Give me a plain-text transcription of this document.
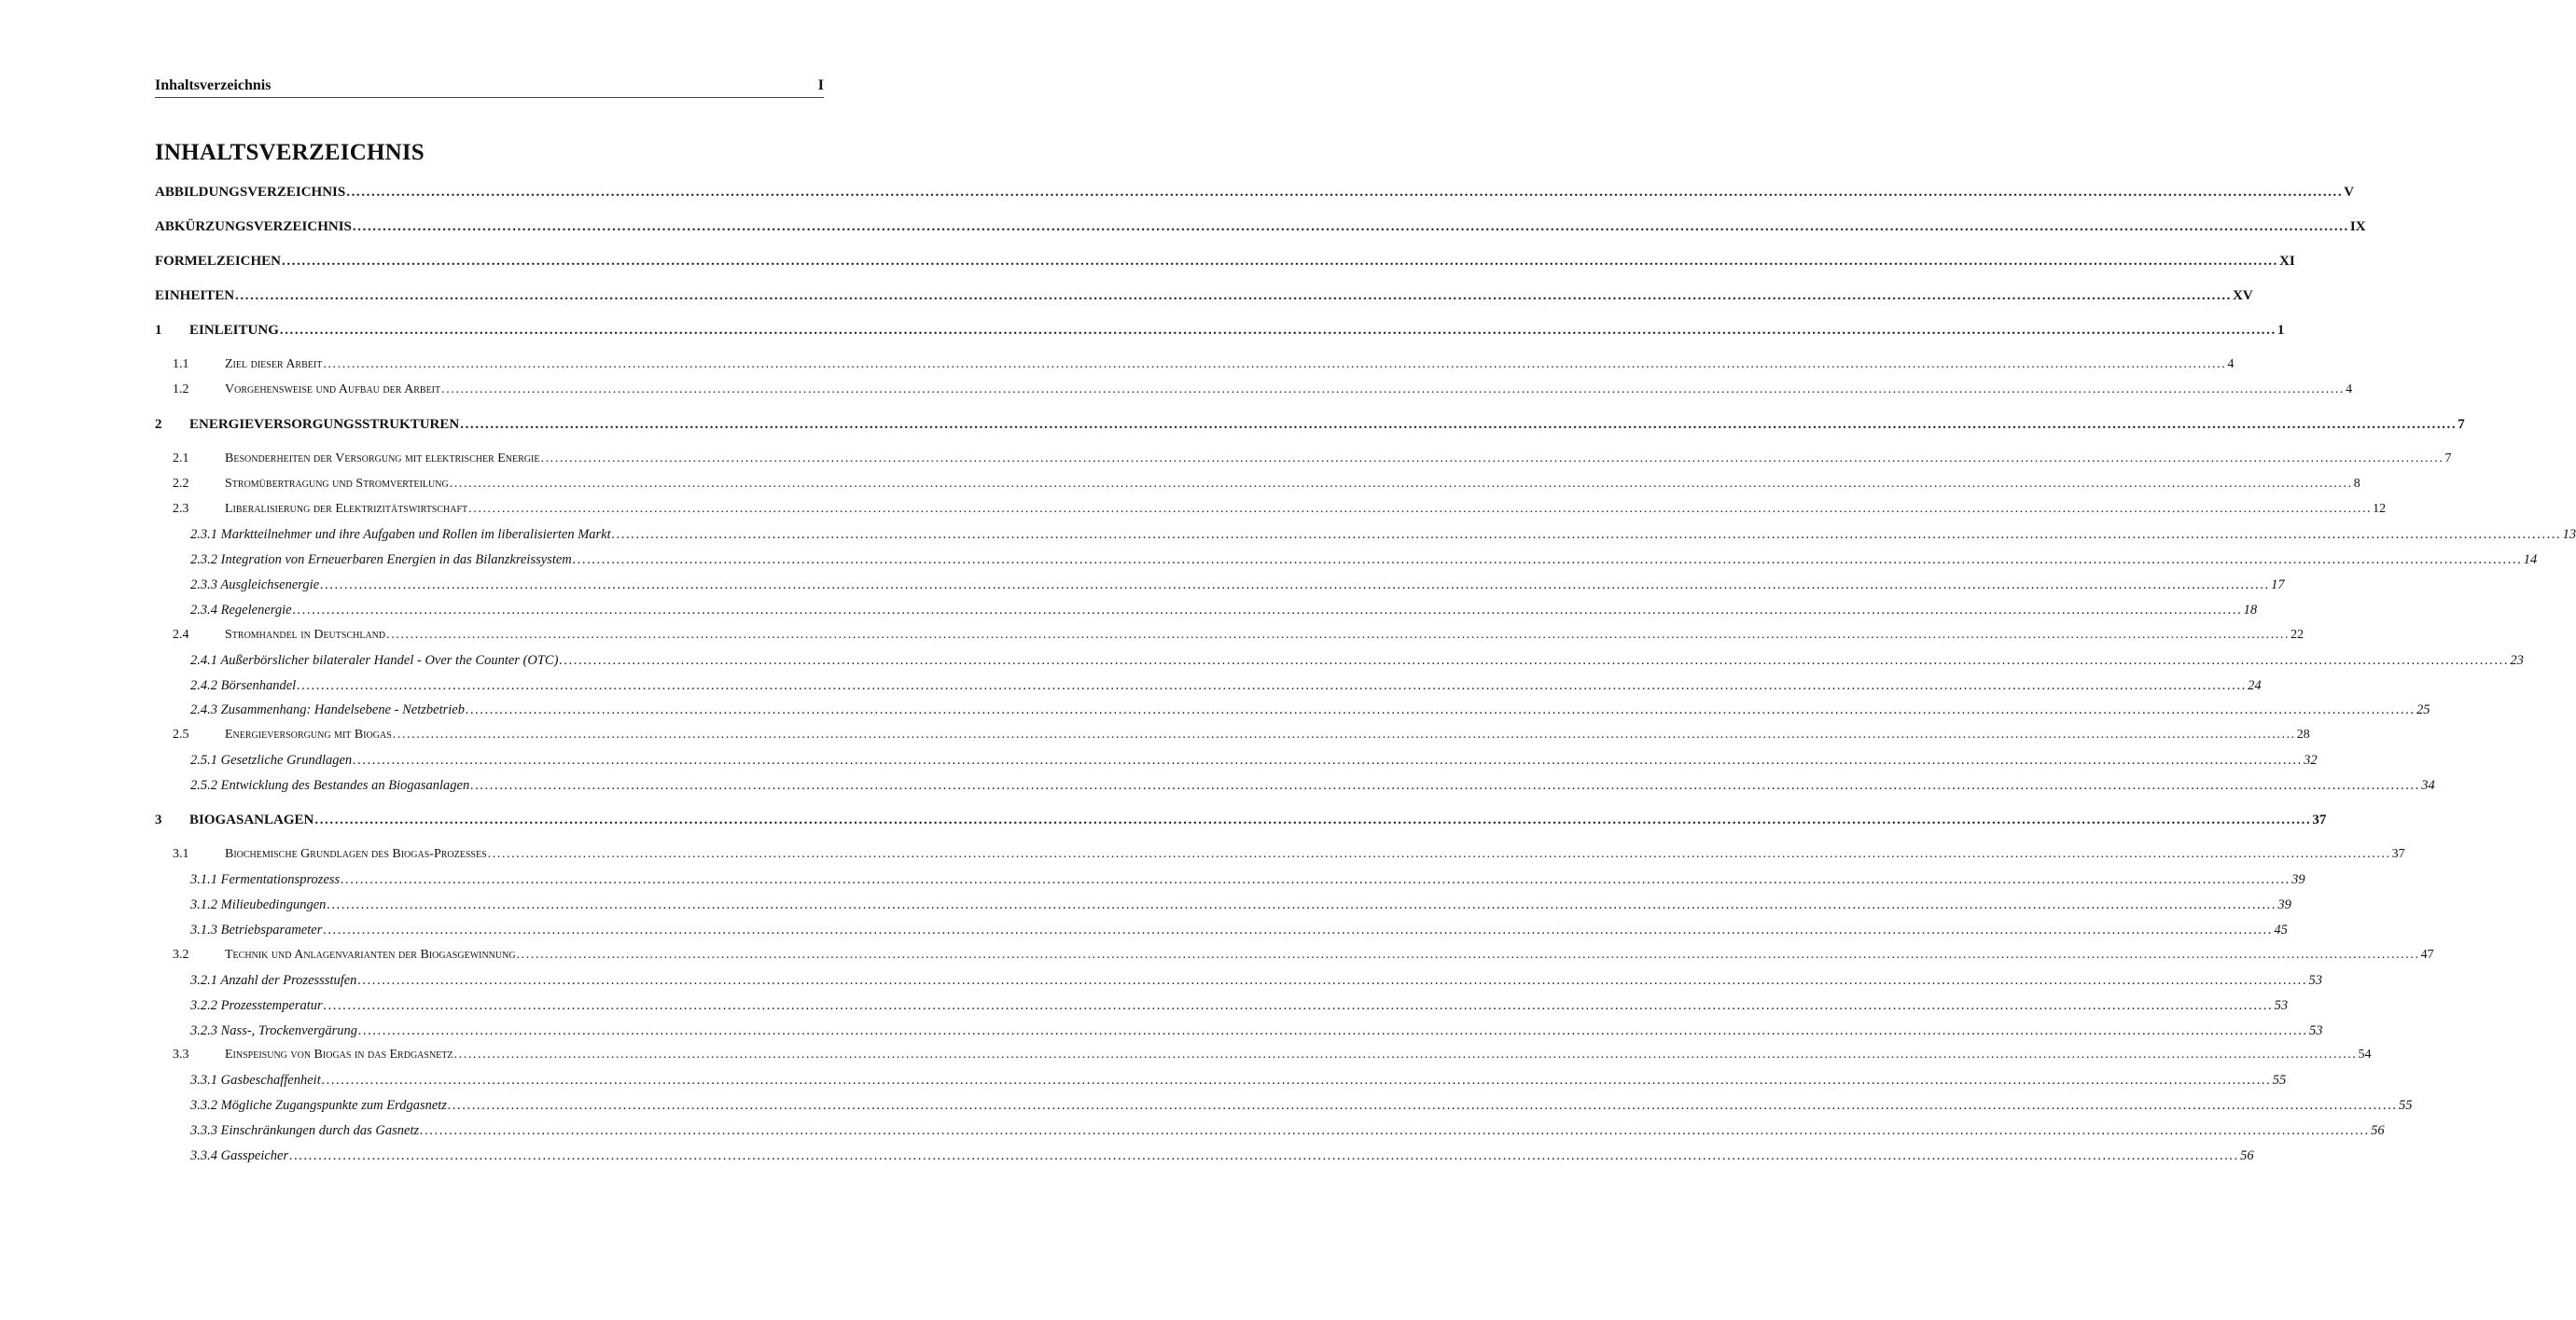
Inhaltsverzeichnis	I
INHALTSVERZEICHNIS
ABBILDUNGSVERZEICHNIS ................................................................................................................................................................................................................................................................................................................................................................................................................ V
ABKÜRZUNGSVERZEICHNIS ................................................................................................................................................................................................................................................................................................................................................................................................................ IX
FORMELZEICHEN ................................................................................................................................................................................................................................................................................................................................................................................................................ XI
EINHEITEN ................................................................................................................................................................................................................................................................................................................................................................................................................ XV
1	EINLEITUNG ................................................................................................................................................................................................................................................................................................................................................................................................................ 1
1.1	Ziel dieser Arbeit ................................................................................................................................................................................................................................................................................................................................................................................................................ 4
1.2	Vorgehensweise und Aufbau der Arbeit ................................................................................................................................................................................................................................................................................................................................................................................................................ 4
2	ENERGIEVERSORGUNGSSTRUKTUREN ................................................................................................................................................................................................................................................................................................................................................................................................................ 7
2.1	Besonderheiten der Versorgung mit elektrischer Energie ................................................................................................................................................................................................................................................................................................................................................................................................................ 7
2.2	Stromübertragung und Stromverteilung ................................................................................................................................................................................................................................................................................................................................................................................................................ 8
2.3	Liberalisierung der Elektrizitätswirtschaft ................................................................................................................................................................................................................................................................................................................................................................................................................ 12
2.3.1 Marktteilnehmer und ihre Aufgaben und Rollen im liberalisierten Markt ................................................................................................................................................................................................................................................................................................................................................................................................................ 13
2.3.2 Integration von Erneuerbaren Energien in das Bilanzkreissystem ................................................................................................................................................................................................................................................................................................................................................................................................................ 14
2.3.3 Ausgleichsenergie ................................................................................................................................................................................................................................................................................................................................................................................................................ 17
2.3.4 Regelenergie ................................................................................................................................................................................................................................................................................................................................................................................................................ 18
2.4	Stromhandel in Deutschland ................................................................................................................................................................................................................................................................................................................................................................................................................ 22
2.4.1 Außerbörslicher bilateraler Handel - Over the Counter (OTC) ................................................................................................................................................................................................................................................................................................................................................................................................................ 23
2.4.2 Börsenhandel ................................................................................................................................................................................................................................................................................................................................................................................................................ 24
2.4.3 Zusammenhang: Handelsebene - Netzbetrieb ................................................................................................................................................................................................................................................................................................................................................................................................................ 25
2.5	Energieversorgung mit Biogas ................................................................................................................................................................................................................................................................................................................................................................................................................ 28
2.5.1 Gesetzliche Grundlagen ................................................................................................................................................................................................................................................................................................................................................................................................................ 32
2.5.2 Entwicklung des Bestandes an Biogasanlagen ................................................................................................................................................................................................................................................................................................................................................................................................................ 34
3	BIOGASANLAGEN ................................................................................................................................................................................................................................................................................................................................................................................................................ 37
3.1	Biochemische Grundlagen des Biogas-Prozesses ................................................................................................................................................................................................................................................................................................................................................................................................................ 37
3.1.1 Fermentationsprozess ................................................................................................................................................................................................................................................................................................................................................................................................................ 39
3.1.2 Milieubedingungen ................................................................................................................................................................................................................................................................................................................................................................................................................ 39
3.1.3 Betriebsparameter ................................................................................................................................................................................................................................................................................................................................................................................................................ 45
3.2	Technik und Anlagenvarianten der Biogasgewinnung ................................................................................................................................................................................................................................................................................................................................................................................................................ 47
3.2.1 Anzahl der Prozessstufen ................................................................................................................................................................................................................................................................................................................................................................................................................ 53
3.2.2 Prozesstemperatur ................................................................................................................................................................................................................................................................................................................................................................................................................ 53
3.2.3 Nass-, Trockenvergärung ................................................................................................................................................................................................................................................................................................................................................................................................................ 53
3.3	Einspeisung von Biogas in das Erdgasnetz ................................................................................................................................................................................................................................................................................................................................................................................................................ 54
3.3.1 Gasbeschaffenheit ................................................................................................................................................................................................................................................................................................................................................................................................................ 55
3.3.2 Mögliche Zugangspunkte zum Erdgasnetz ................................................................................................................................................................................................................................................................................................................................................................................................................ 55
3.3.3 Einschränkungen durch das Gasnetz ................................................................................................................................................................................................................................................................................................................................................................................................................ 56
3.3.4 Gasspeicher ................................................................................................................................................................................................................................................................................................................................................................................................................ 56
